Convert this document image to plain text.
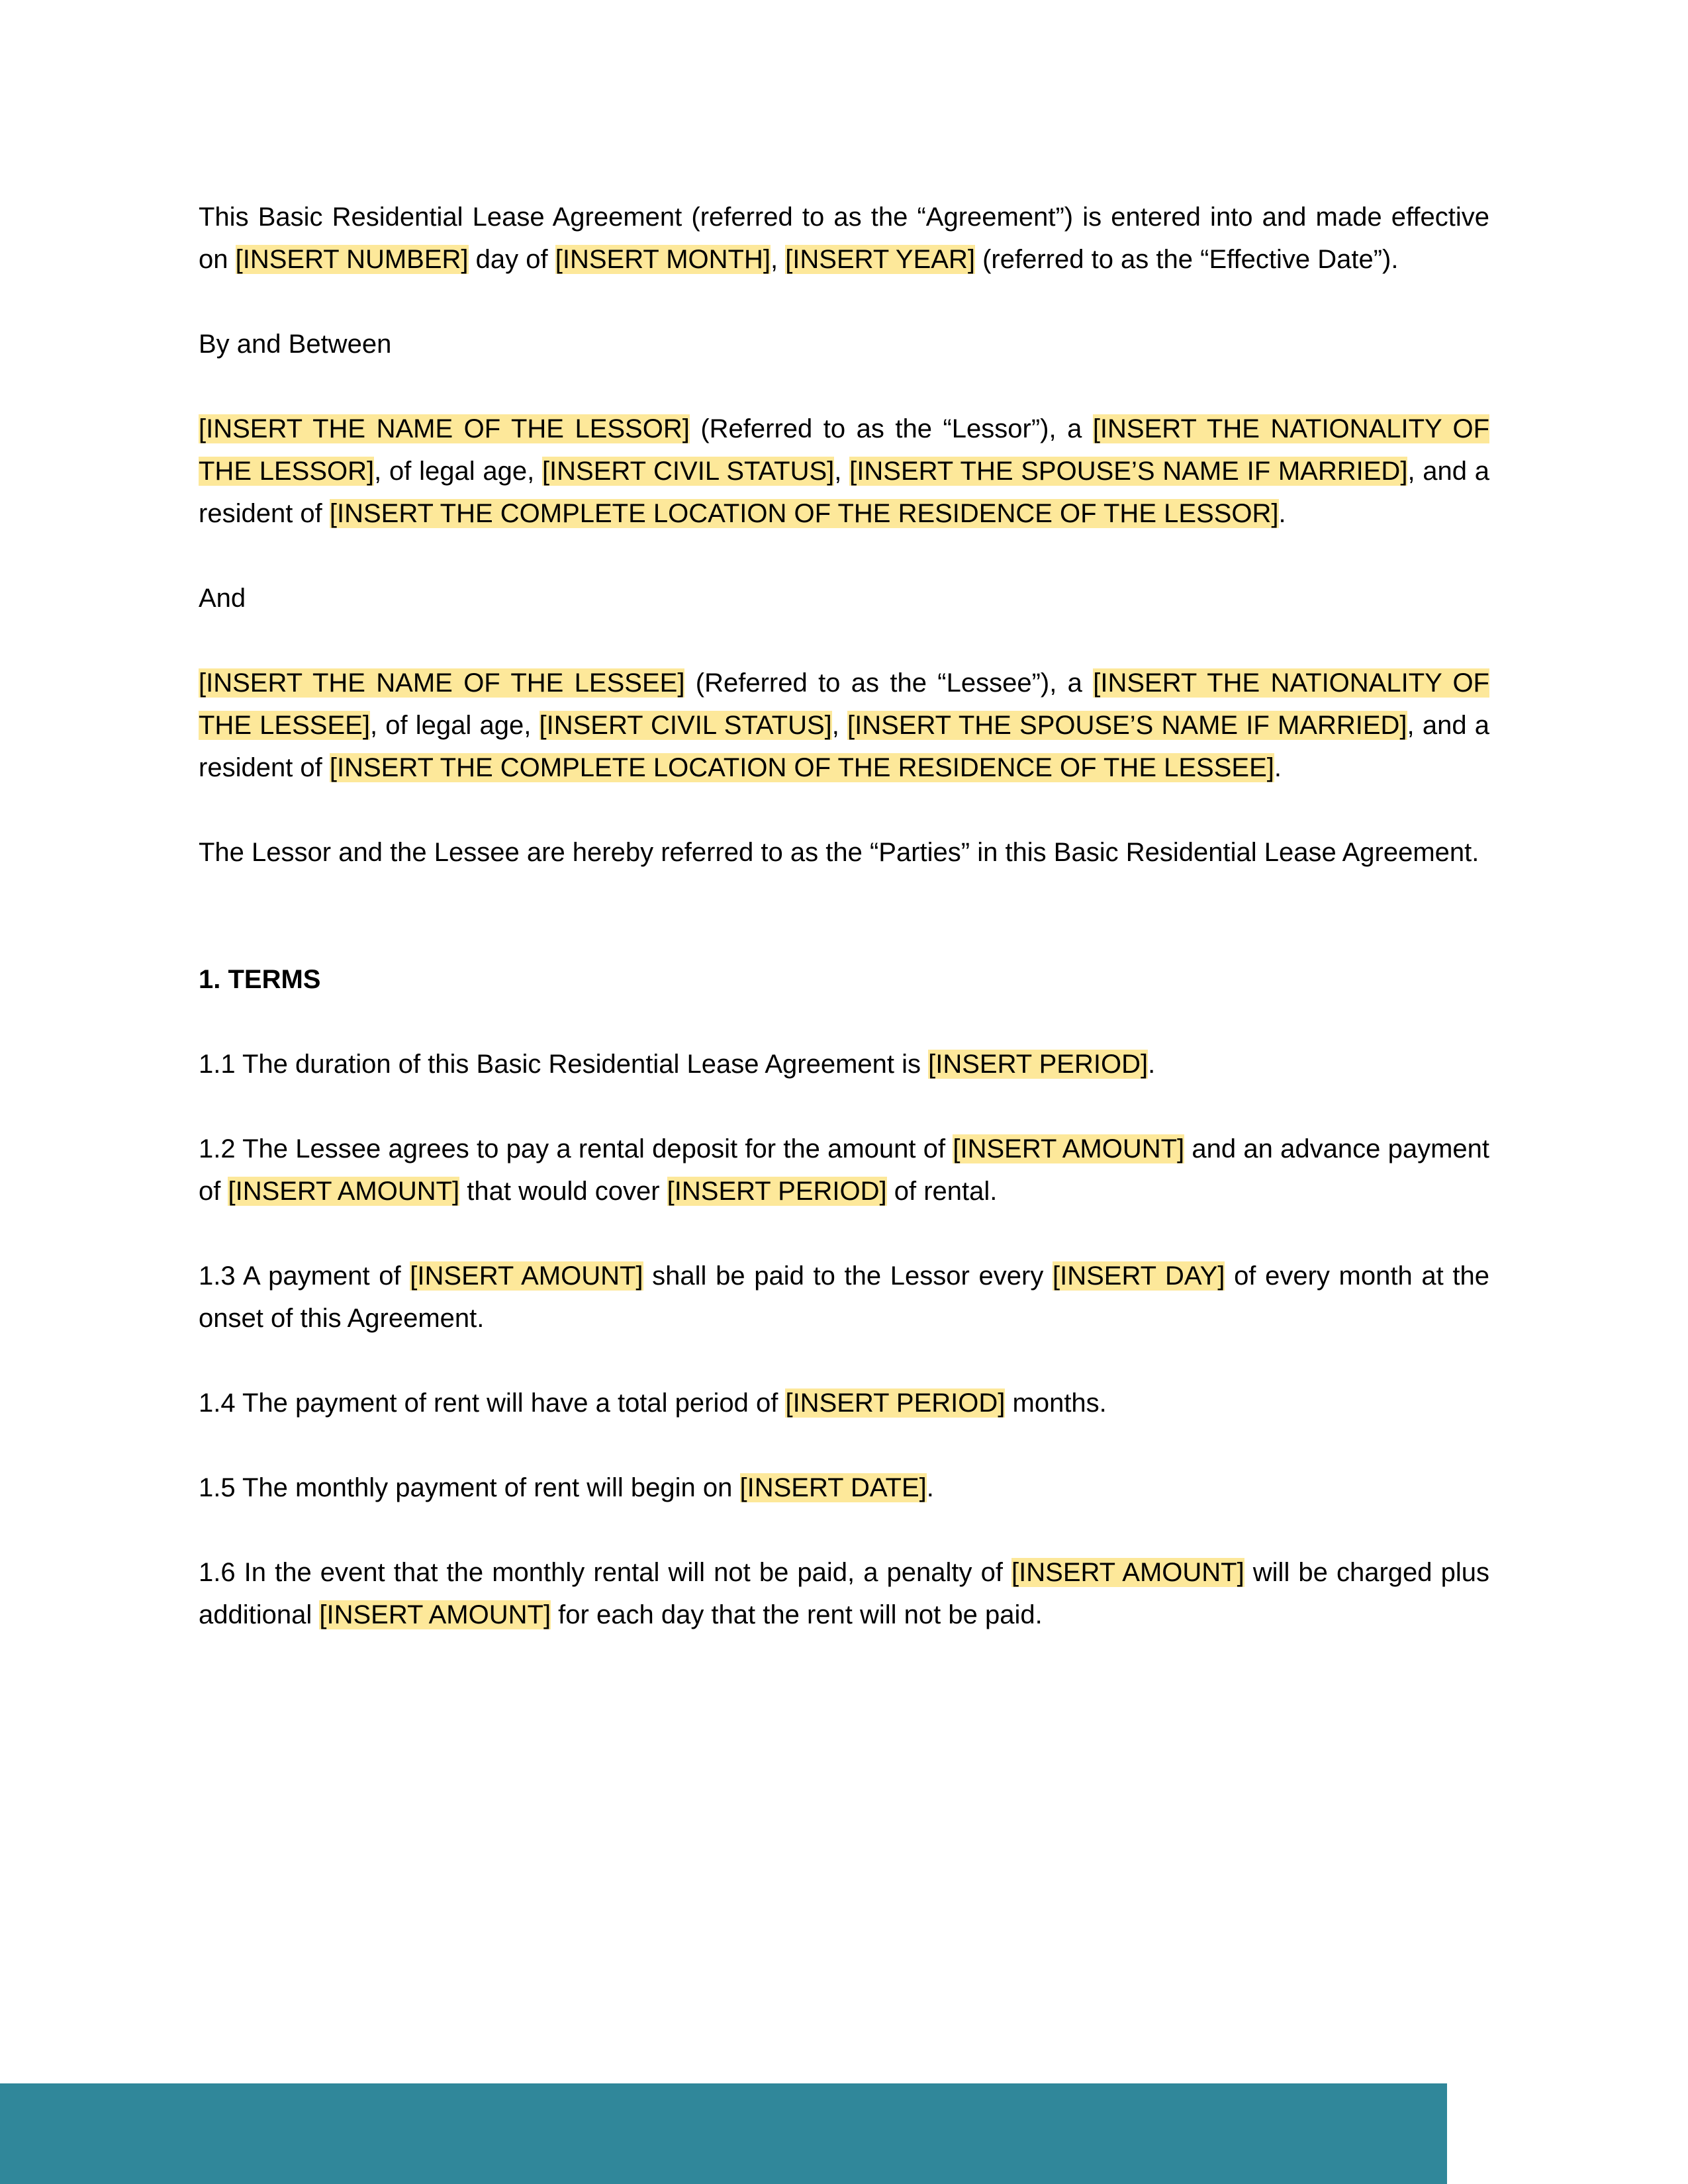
This Basic Residential Lease Agreement (referred to as the “Agreement”) is entered into and made effective on [INSERT NUMBER] day of [INSERT MONTH], [INSERT YEAR] (referred to as the “Effective Date”).

By and Between

[INSERT THE NAME OF THE LESSOR] (Referred to as the “Lessor”), a [INSERT THE NATIONALITY OF THE LESSOR], of legal age, [INSERT CIVIL STATUS], [INSERT THE SPOUSE’S NAME IF MARRIED], and a resident of [INSERT THE COMPLETE LOCATION OF THE RESIDENCE OF THE LESSOR].

And

[INSERT THE NAME OF THE LESSEE] (Referred to as the “Lessee”), a [INSERT THE NATIONALITY OF THE LESSEE], of legal age, [INSERT CIVIL STATUS], [INSERT THE SPOUSE’S NAME IF MARRIED], and a resident of [INSERT THE COMPLETE LOCATION OF THE RESIDENCE OF THE LESSEE].

The Lessor and the Lessee are hereby referred to as the “Parties” in this Basic Residential Lease Agreement.

1. TERMS

1.1 The duration of this Basic Residential Lease Agreement is [INSERT PERIOD].

1.2 The Lessee agrees to pay a rental deposit for the amount of [INSERT AMOUNT] and an advance payment of [INSERT AMOUNT] that would cover [INSERT PERIOD] of rental.

1.3 A payment of [INSERT AMOUNT] shall be paid to the Lessor every [INSERT DAY] of every month at the onset of this Agreement.

1.4 The payment of rent will have a total period of [INSERT PERIOD] months.

1.5 The monthly payment of rent will begin on [INSERT DATE].

1.6 In the event that the monthly rental will not be paid, a penalty of [INSERT AMOUNT] will be charged plus additional [INSERT AMOUNT] for each day that the rent will not be paid.
